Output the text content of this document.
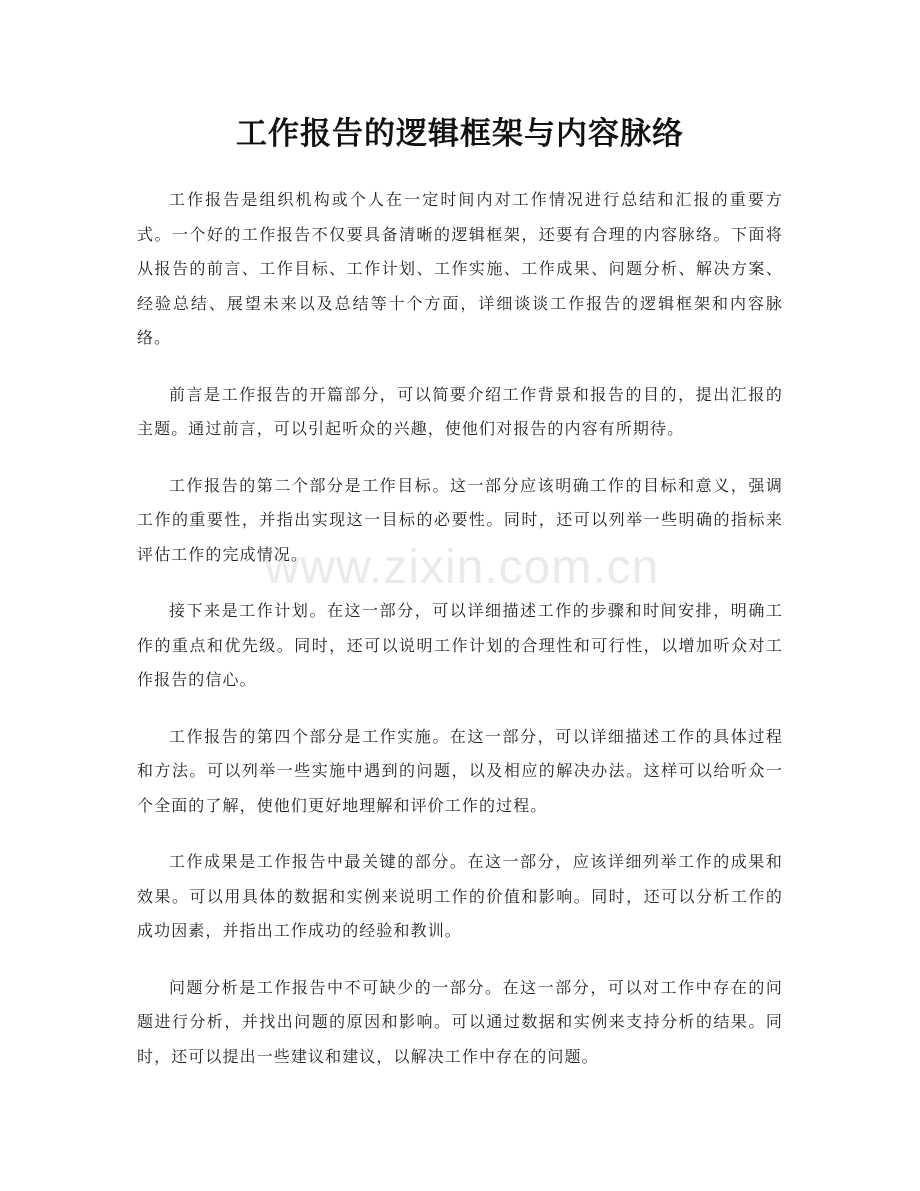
工作报告的逻辑框架与内容脉络
www.zixin.com.cn

工作报告是组织机构或个人在一定时间内对工作情况进行总结和汇报的重要方式。一个好的工作报告不仅要具备清晰的逻辑框架，还要有合理的内容脉络。下面将从报告的前言、工作目标、工作计划、工作实施、工作成果、问题分析、解决方案、经验总结、展望未来以及总结等十个方面，详细谈谈工作报告的逻辑框架和内容脉络。

前言是工作报告的开篇部分，可以简要介绍工作背景和报告的目的，提出汇报的主题。通过前言，可以引起听众的兴趣，使他们对报告的内容有所期待。

工作报告的第二个部分是工作目标。这一部分应该明确工作的目标和意义，强调工作的重要性，并指出实现这一目标的必要性。同时，还可以列举一些明确的指标来评估工作的完成情况。

接下来是工作计划。在这一部分，可以详细描述工作的步骤和时间安排，明确工作的重点和优先级。同时，还可以说明工作计划的合理性和可行性，以增加听众对工作报告的信心。

工作报告的第四个部分是工作实施。在这一部分，可以详细描述工作的具体过程和方法。可以列举一些实施中遇到的问题，以及相应的解决办法。这样可以给听众一个全面的了解，使他们更好地理解和评价工作的过程。

工作成果是工作报告中最关键的部分。在这一部分，应该详细列举工作的成果和效果。可以用具体的数据和实例来说明工作的价值和影响。同时，还可以分析工作的成功因素，并指出工作成功的经验和教训。

问题分析是工作报告中不可缺少的一部分。在这一部分，可以对工作中存在的问题进行分析，并找出问题的原因和影响。可以通过数据和实例来支持分析的结果。同时，还可以提出一些建议和建议，以解决工作中存在的问题。
